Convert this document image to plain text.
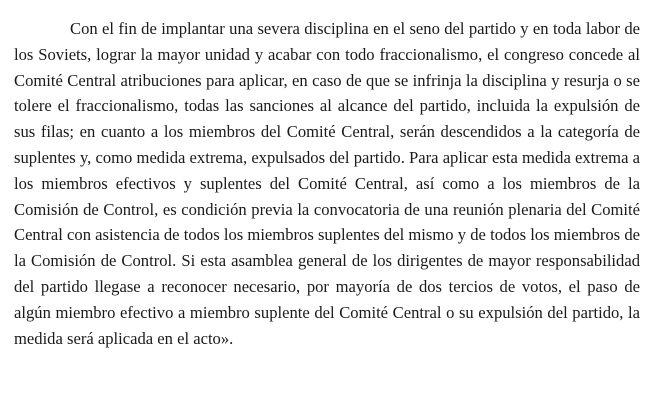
Con el fin de implantar una severa disciplina en el seno del partido y en toda labor de los Soviets, lograr la mayor unidad y acabar con todo fraccionalismo, el congreso concede al Comité Central atribuciones para aplicar, en caso de que se infrinja la disciplina y resurja o se tolere el fraccionalismo, todas las sanciones al alcance del partido, incluida la expulsión de sus filas; en cuanto a los miembros del Comité Central, serán descendidos a la categoría de suplentes y, como medida extrema, expulsados del partido. Para aplicar esta medida extrema a los miembros efectivos y suplentes del Comité Central, así como a los miembros de la Comisión de Control, es condición previa la convocatoria de una reunión plenaria del Comité Central con asistencia de todos los miembros suplentes del mismo y de todos los miembros de la Comisión de Control. Si esta asamblea general de los dirigentes de mayor responsabilidad del partido llegase a reconocer necesario, por mayoría de dos tercios de votos, el paso de algún miembro efectivo a miembro suplente del Comité Central o su expulsión del partido, la medida será aplicada en el acto».
